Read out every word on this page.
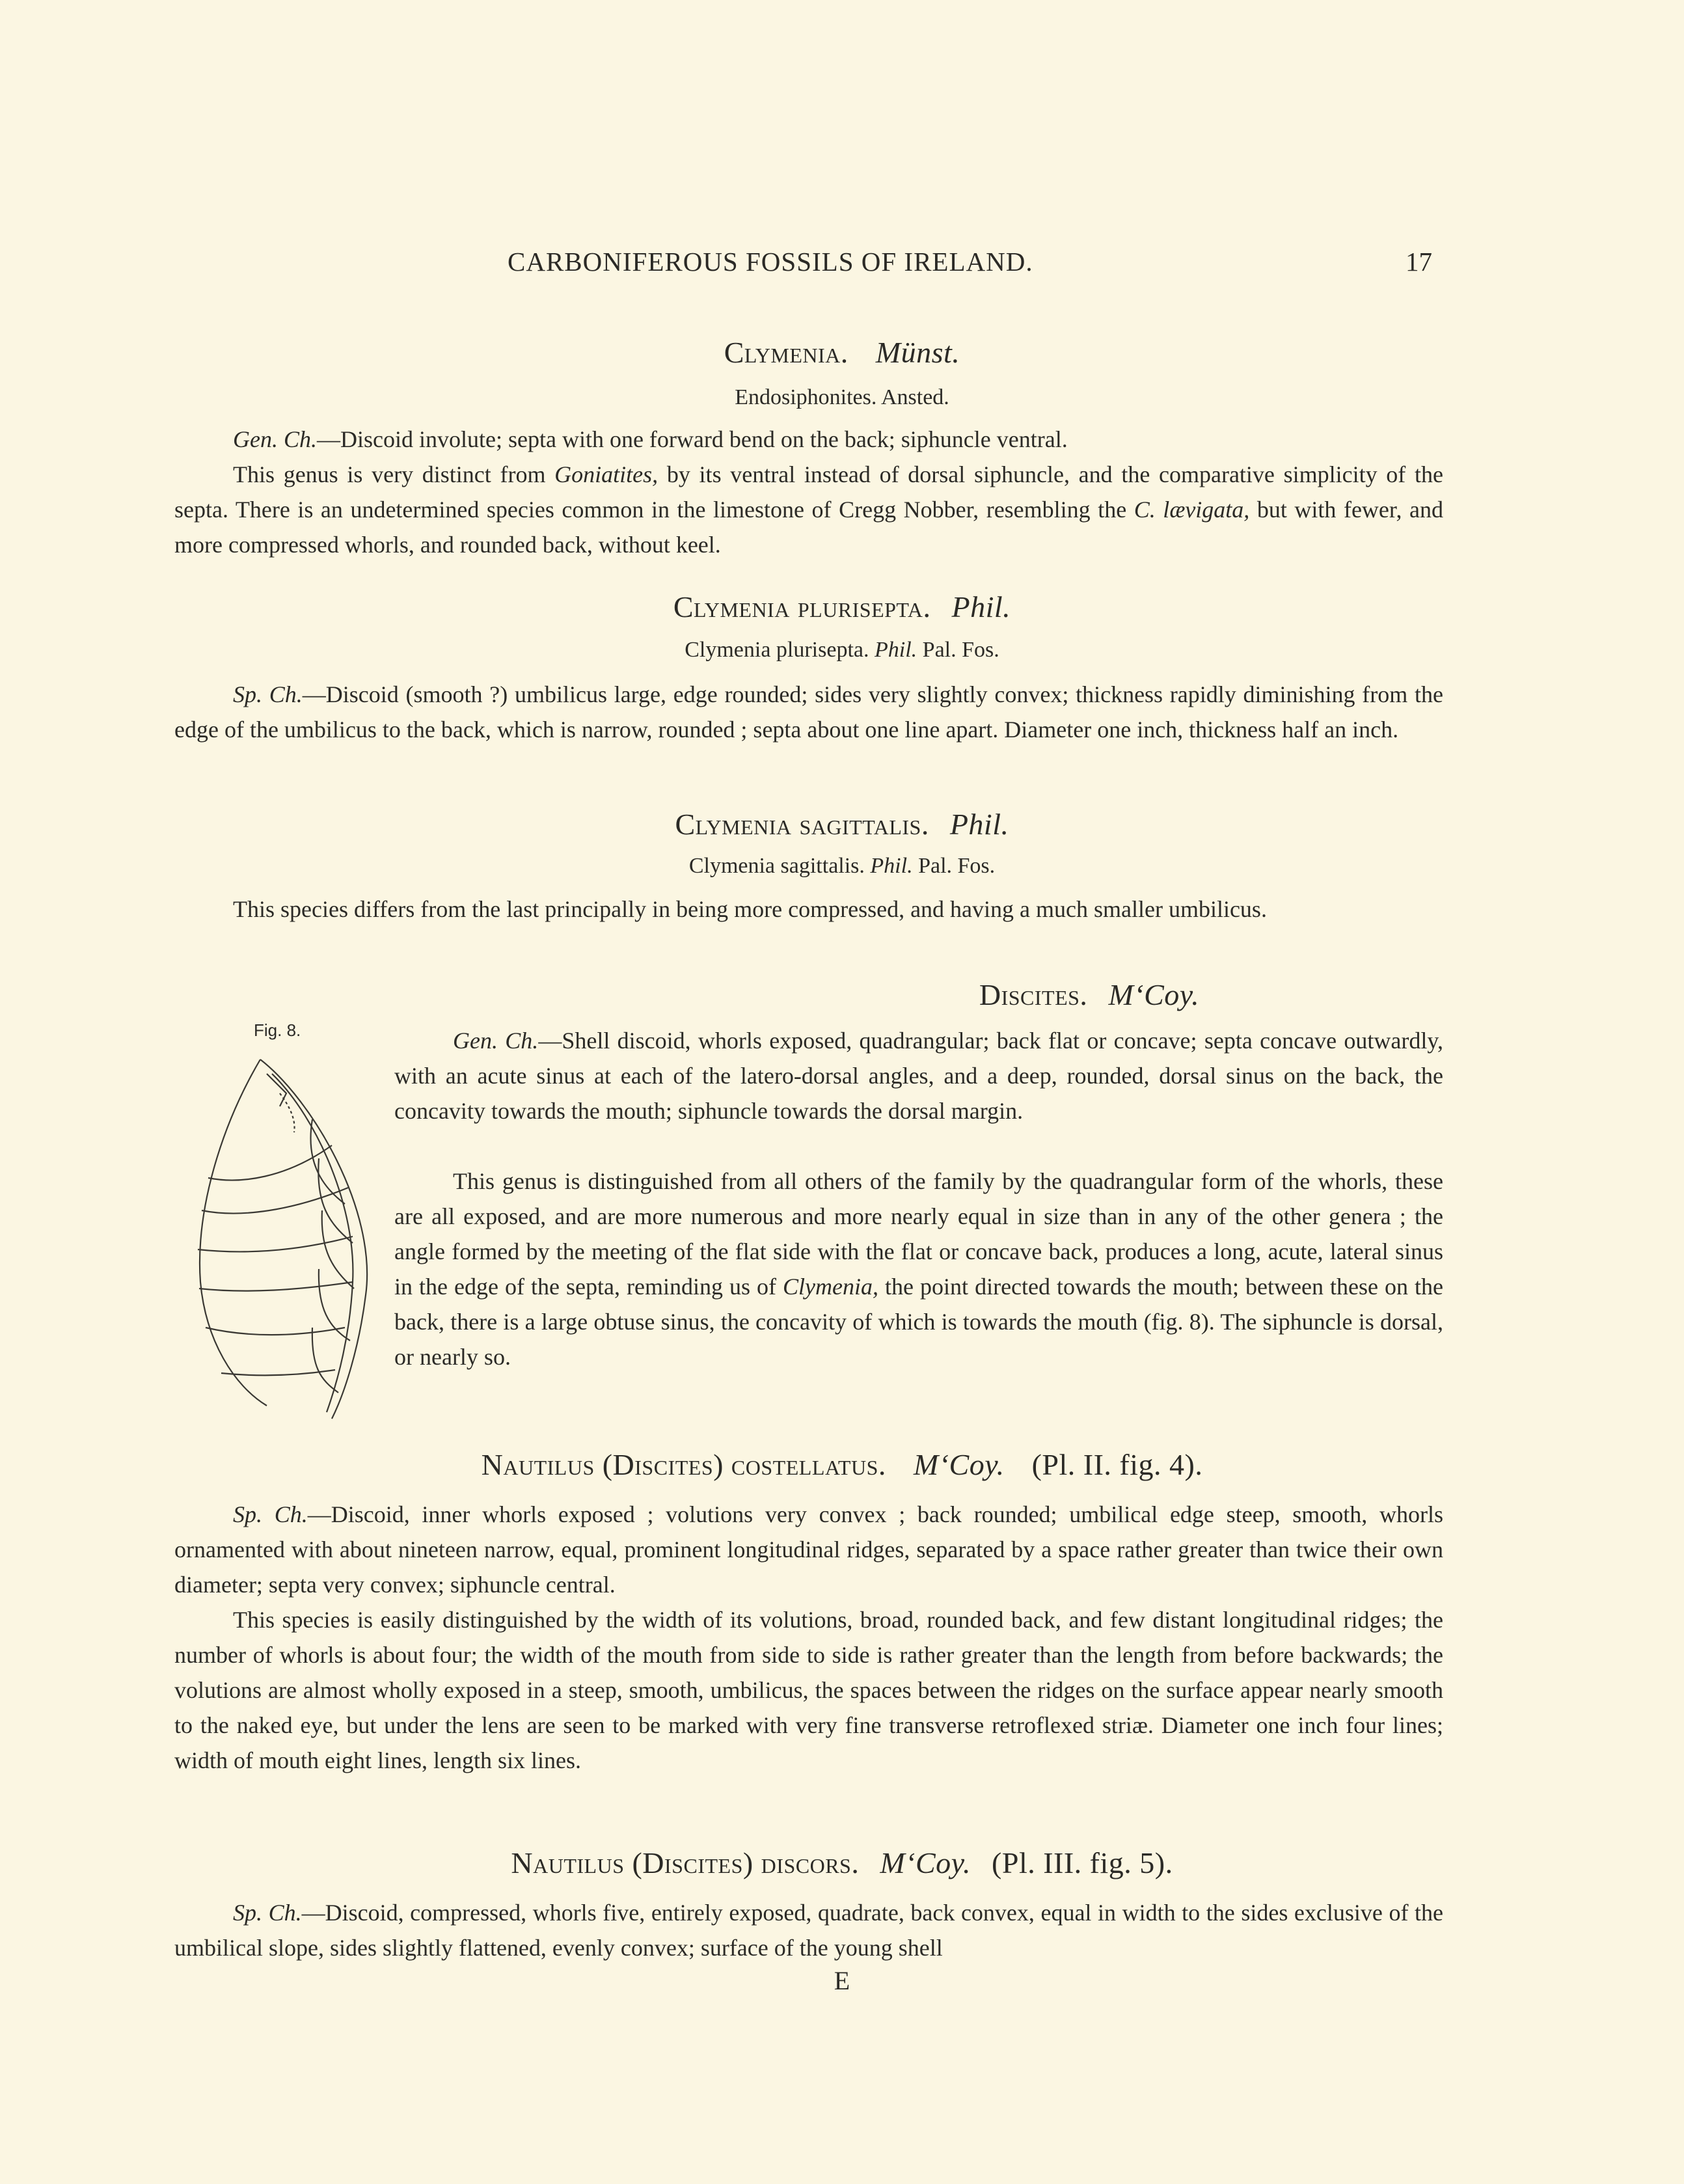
CARBONIFEROUS FOSSILS OF IRELAND.	17
Clymenia. Münst.
Endosiphonites. Ansted.
Gen. Ch.—Discoid involute; septa with one forward bend on the back; siphuncle ventral.
This genus is very distinct from Goniatites, by its ventral instead of dorsal siphuncle, and the comparative simplicity of the septa. There is an undetermined species common in the limestone of Cregg Nobber, resembling the C. lævigata, but with fewer, and more compressed whorls, and rounded back, without keel.
Clymenia plurisepta. Phil.
Clymenia plurisepta. Phil. Pal. Fos.
Sp. Ch.—Discoid (smooth ?) umbilicus large, edge rounded; sides very slightly convex; thickness rapidly diminishing from the edge of the umbilicus to the back, which is narrow, rounded ; septa about one line apart. Diameter one inch, thickness half an inch.
Clymenia sagittalis. Phil.
Clymenia sagittalis. Phil. Pal. Fos.
This species differs from the last principally in being more compressed, and having a much smaller umbilicus.
Discites. M‘Coy.
Fig. 8.	Gen. Ch.—Shell discoid, whorls exposed, quadrangular; back flat or concave; septa concave outwardly, with an acute sinus at each of the latero-dorsal angles, and a deep, rounded, dorsal sinus on the back, the concavity towards the mouth; siphuncle towards the dorsal margin.
This genus is distinguished from all others of the family by the quadrangular form of the whorls, these are all exposed, and are more numerous and more nearly equal in size than in any of the other genera ; the angle formed by the meeting of the flat side with the flat or concave back, produces a long, acute, lateral sinus in the edge of the septa, reminding us of Clymenia, the point directed towards the mouth; between these on the back, there is a large obtuse sinus, the concavity of which is towards the mouth (fig. 8). The siphuncle is dorsal, or nearly so.
Nautilus (Discites) costellatus. M‘Coy. (Pl. II. fig. 4).
Sp. Ch.—Discoid, inner whorls exposed ; volutions very convex ; back rounded; umbilical edge steep, smooth, whorls ornamented with about nineteen narrow, equal, prominent longitudinal ridges, separated by a space rather greater than twice their own diameter; septa very convex; siphuncle central.
This species is easily distinguished by the width of its volutions, broad, rounded back, and few distant longitudinal ridges; the number of whorls is about four; the width of the mouth from side to side is rather greater than the length from before backwards; the volutions are almost wholly exposed in a steep, smooth, umbilicus, the spaces between the ridges on the surface appear nearly smooth to the naked eye, but under the lens are seen to be marked with very fine transverse retroflexed striæ. Diameter one inch four lines; width of mouth eight lines, length six lines.
Nautilus (Discites) discors. M‘Coy. (Pl. III. fig. 5).
Sp. Ch.—Discoid, compressed, whorls five, entirely exposed, quadrate, back convex, equal in width to the sides exclusive of the umbilical slope, sides slightly flattened, evenly convex; surface of the young shell
E
